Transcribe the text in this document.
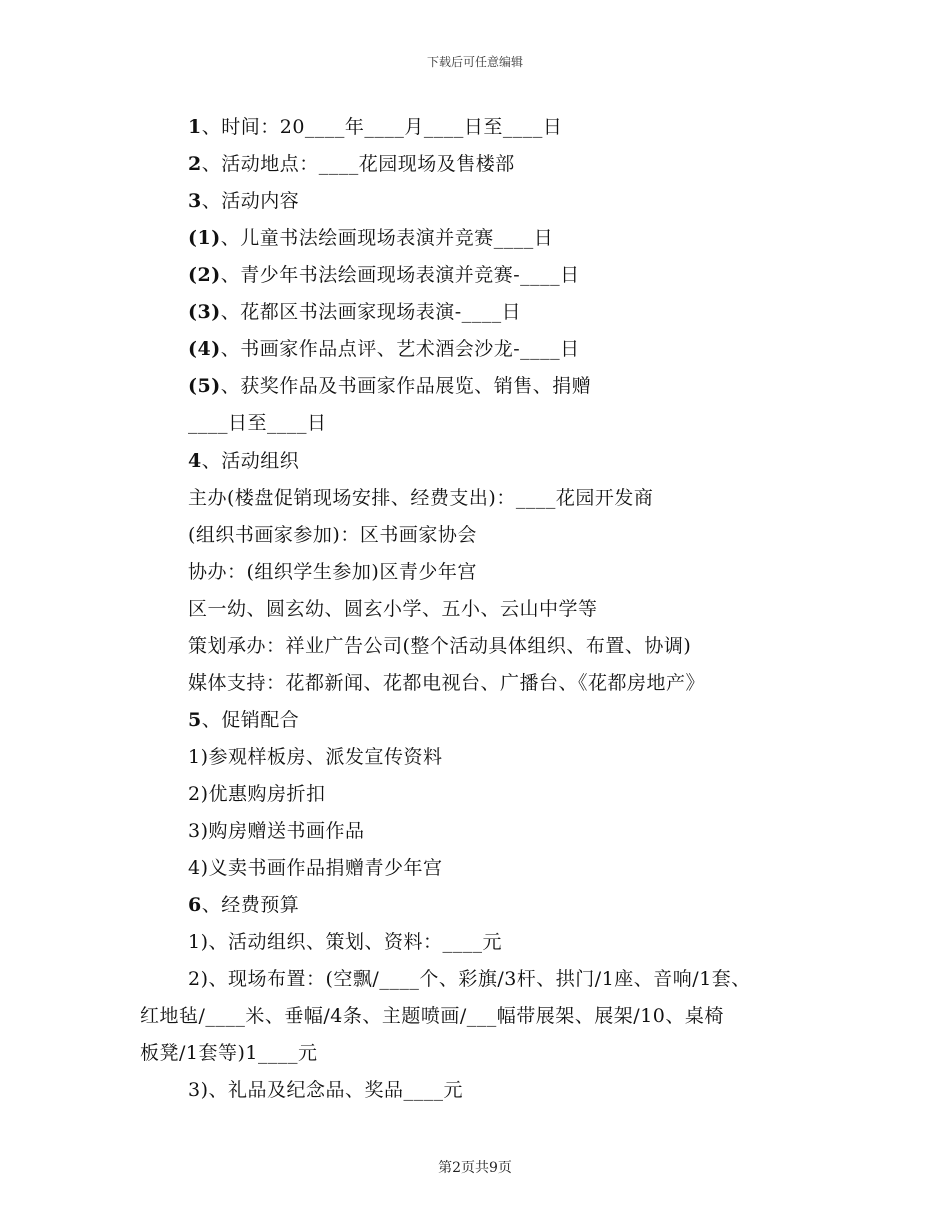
下载后可任意编辑
1、时间：20____年____月____日至____日
2、活动地点：____花园现场及售楼部
3、活动内容
(1)、儿童书法绘画现场表演并竞赛____日
(2)、青少年书法绘画现场表演并竞赛-____日
(3)、花都区书法画家现场表演-____日
(4)、书画家作品点评、艺术酒会沙龙-____日
(5)、获奖作品及书画家作品展览、销售、捐赠
____日至____日
4、活动组织
主办(楼盘促销现场安排、经费支出)：____花园开发商
(组织书画家参加)：区书画家协会
协办：(组织学生参加)区青少年宫
区一幼、圆玄幼、圆玄小学、五小、云山中学等
策划承办：祥业广告公司(整个活动具体组织、布置、协调)
媒体支持：花都新闻、花都电视台、广播台、《花都房地产》
5、促销配合
1)参观样板房、派发宣传资料
2)优惠购房折扣
3)购房赠送书画作品
4)义卖书画作品捐赠青少年宫
6、经费预算
1)、活动组织、策划、资料：____元
2)、现场布置：(空飘/____个、彩旗/3杆、拱门/1座、音响/1套、
红地毡/____米、垂幅/4条、主题喷画/___幅带展架、展架/10、桌椅
板凳/1套等)1____元
3)、礼品及纪念品、奖品____元
第2页共9页
